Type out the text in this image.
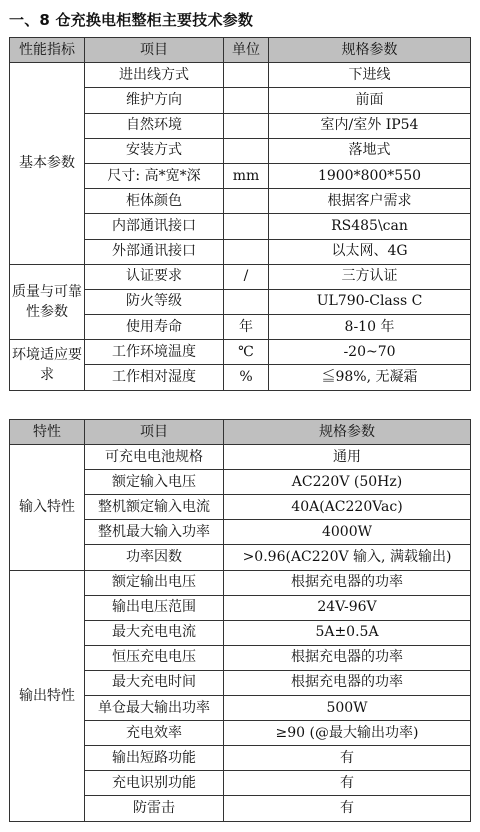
一、8 仓充换电柜整柜主要技术参数
性能指标	项目	单位	规格参数
基本参数	进出线方式		下进线
	维护方向		前面
	自然环境		室内/室外 IP54
	安装方式		落地式
	尺寸: 高*宽*深	mm	1900*800*550
	柜体颜色		根据客户需求
	内部通讯接口		RS485\can
	外部通讯接口		以太网、4G
质量与可靠性参数	认证要求	/	三方认证
	防火等级		UL790-Class C
	使用寿命	年	8-10 年
环境适应要求	工作环境温度	℃	-20~70
	工作相对湿度	%	≦98%, 无凝霜
特性	项目	规格参数
输入特性	可充电电池规格	通用
	额定输入电压	AC220V (50Hz)
	整机额定输入电流	40A(AC220Vac)
	整机最大输入功率	4000W
	功率因数	>0.96(AC220V 输入, 满载输出)
输出特性	额定输出电压	根据充电器的功率
	输出电压范围	24V-96V
	最大充电电流	5A±0.5A
	恒压充电电压	根据充电器的功率
	最大充电时间	根据充电器的功率
	单仓最大输出功率	500W
	充电效率	≥90 (@最大输出功率)
	输出短路功能	有
	充电识别功能	有
	防雷击	有
